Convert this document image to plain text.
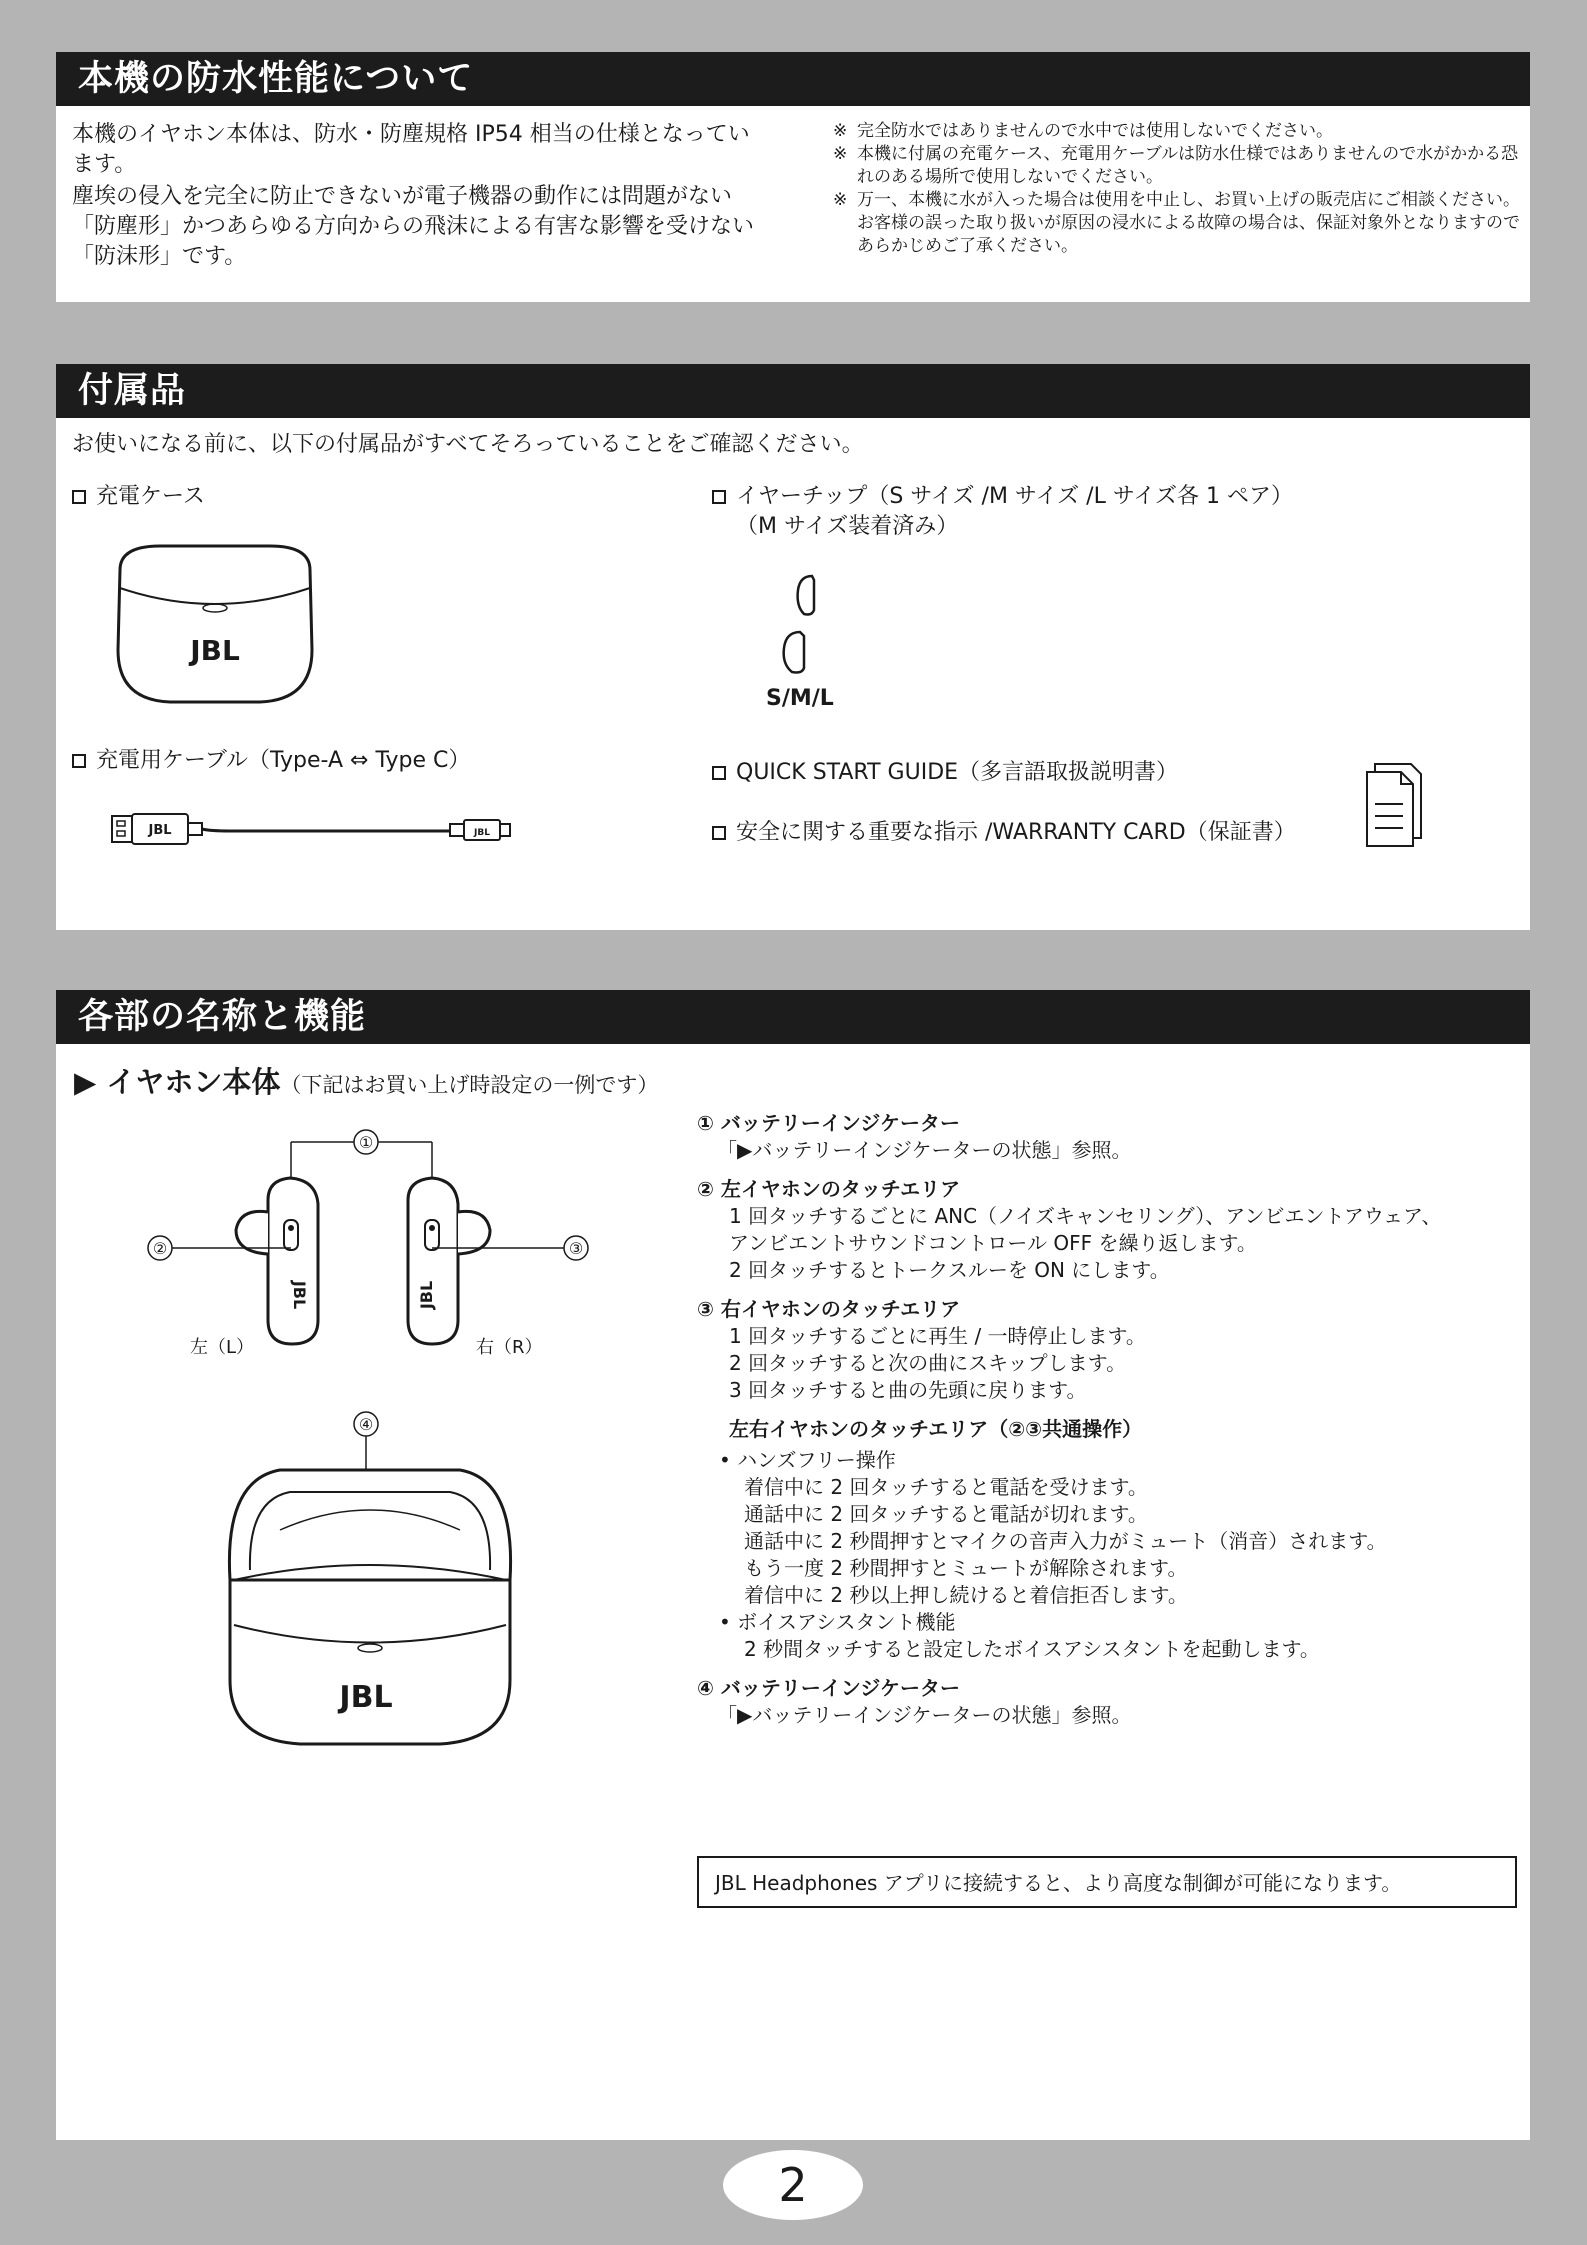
本機の防水性能について
本機のイヤホン本体は、防水・防塵規格 IP54 相当の仕様となっています。
塵埃の侵入を完全に防止できないが電子機器の動作には問題がない「防塵形」かつあらゆる方向からの飛沫による有害な影響を受けない「防沫形」です。
※ 完全防水ではありませんので水中では使用しないでください。
※ 本機に付属の充電ケース、充電用ケーブルは防水仕様ではありませんので水がかかる恐れのある場所で使用しないでください。
※ 万一、本機に水が入った場合は使用を中止し、お買い上げの販売店にご相談ください。お客様の誤った取り扱いが原因の浸水による故障の場合は、保証対象外となりますのであらかじめご了承ください。
付属品
お使いになる前に、以下の付属品がすべてそろっていることをご確認ください。
充電ケース
JBL
イヤーチップ（S サイズ /M サイズ /L サイズ各 1 ペア）
（M サイズ装着済み）
S/M/L
充電用ケーブル（Type-A ⇔ Type C）
JBL	JBL
QUICK START GUIDE（多言語取扱説明書）
安全に関する重要な指示 /WARRANTY CARD（保証書）
各部の名称と機能
▶ イヤホン本体（下記はお買い上げ時設定の一例です）
①
JBL	JBL
②	③
左（L）	右（R）
④
JBL
① バッテリーインジケーター
「▶バッテリーインジケーターの状態」参照。
② 左イヤホンのタッチエリア
1 回タッチするごとに ANC（ノイズキャンセリング）、アンビエントアウェア、
アンビエントサウンドコントロール OFF を繰り返します。
2 回タッチするとトークスルーを ON にします。
③ 右イヤホンのタッチエリア
1 回タッチするごとに再生 / 一時停止します。
2 回タッチすると次の曲にスキップします。
3 回タッチすると曲の先頭に戻ります。
左右イヤホンのタッチエリア（②③共通操作）
• ハンズフリー操作
着信中に 2 回タッチすると電話を受けます。
通話中に 2 回タッチすると電話が切れます。
通話中に 2 秒間押すとマイクの音声入力がミュート（消音）されます。
もう一度 2 秒間押すとミュートが解除されます。
着信中に 2 秒以上押し続けると着信拒否します。
• ボイスアシスタント機能
2 秒間タッチすると設定したボイスアシスタントを起動します。
④ バッテリーインジケーター
「▶バッテリーインジケーターの状態」参照。
JBL Headphones アプリに接続すると、より高度な制御が可能になります。
2
